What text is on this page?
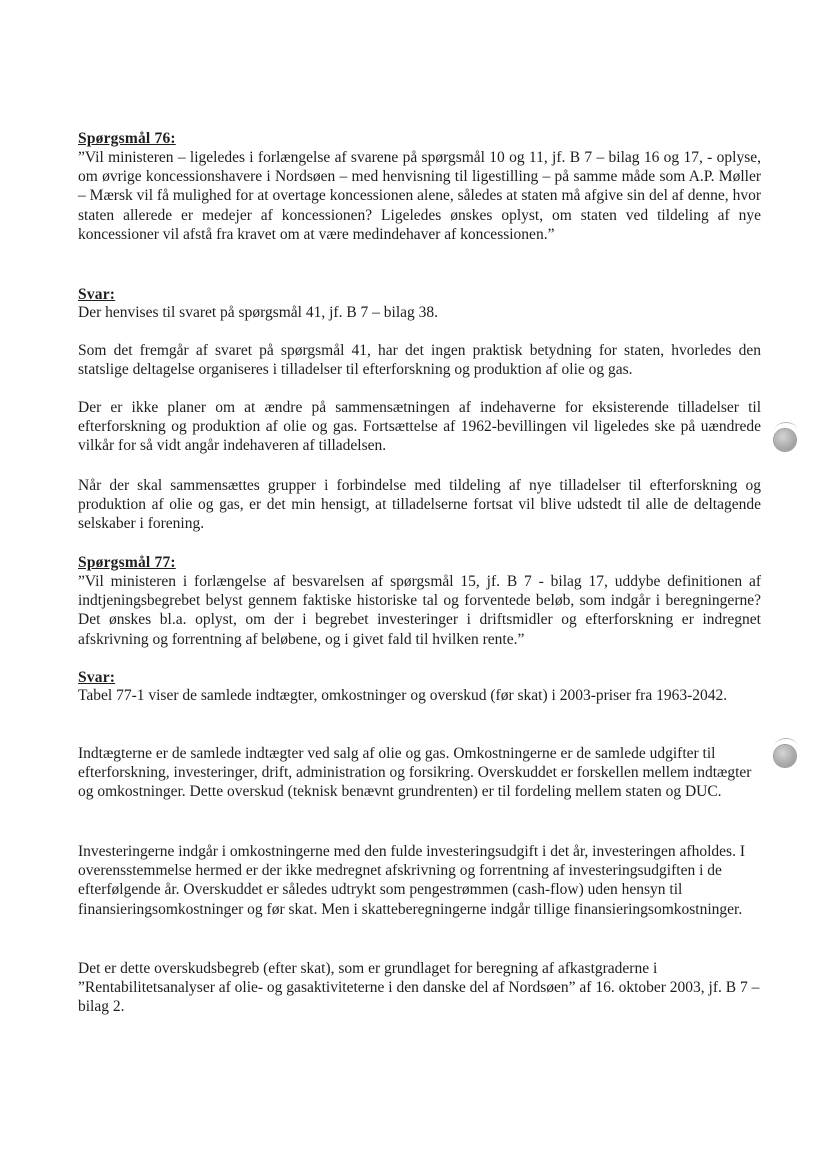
Spørgsmål 76:
”Vil ministeren – ligeledes i forlængelse af svarene på spørgsmål 10 og 11, jf. B 7 – bilag 16 og 17, - oplyse, om øvrige koncessionshavere i Nordsøen – med henvisning til ligestilling – på samme måde som A.P. Møller – Mærsk vil få mulighed for at overtage koncessionen alene, således at staten må afgive sin del af denne, hvor staten allerede er medejer af koncessionen? Ligeledes ønskes oplyst, om staten ved tildeling af nye koncessioner vil afstå fra kravet om at være medindehaver af koncessionen.”
Svar:
Der henvises til svaret på spørgsmål 41, jf. B 7 – bilag 38.
Som det fremgår af svaret på spørgsmål 41, har det ingen praktisk betydning for staten, hvorledes den statslige deltagelse organiseres i tilladelser til efterforskning og produktion af olie og gas.
Der er ikke planer om at ændre på sammensætningen af indehaverne for eksisterende tilladelser til efterforskning og produktion af olie og gas. Fortsættelse af 1962-bevillingen vil ligeledes ske på uændrede vilkår for så vidt angår indehaveren af tilladelsen.
Når der skal sammensættes grupper i forbindelse med tildeling af nye tilladelser til efterforskning og produktion af olie og gas, er det min hensigt, at tilladelserne fortsat vil blive udstedt til alle de deltagende selskaber i forening.
Spørgsmål 77:
”Vil ministeren i forlængelse af besvarelsen af spørgsmål 15, jf. B 7 - bilag 17, uddybe definitionen af indtjeningsbegrebet belyst gennem faktiske historiske tal og forventede beløb, som indgår i beregningerne? Det ønskes bl.a. oplyst, om der i begrebet investeringer i driftsmidler og efterforskning er indregnet afskrivning og forrentning af beløbene, og i givet fald til hvilken rente.”
Svar:
Tabel 77-1 viser de samlede indtægter, omkostninger og overskud (før skat) i 2003-priser fra 1963-2042.
Indtægterne er de samlede indtægter ved salg af olie og gas. Omkostningerne er de samlede udgifter til efterforskning, investeringer, drift, administration og forsikring. Overskuddet er forskellen mellem indtægter og omkostninger. Dette overskud (teknisk benævnt grundrenten) er til fordeling mellem staten og DUC.
Investeringerne indgår i omkostningerne med den fulde investeringsudgift i det år, investeringen afholdes. I overensstemmelse hermed er der ikke medregnet afskrivning og forrentning af investeringsudgiften i de efterfølgende år. Overskuddet er således udtrykt som pengestrømmen (cash-flow) uden hensyn til finansieringsomkostninger og før skat. Men i skatteberegningerne indgår tillige finansieringsomkostninger.
Det er dette overskudsbegreb (efter skat), som er grundlaget for beregning af afkastgraderne i ”Rentabilitetsanalyser af olie- og gasaktiviteterne i den danske del af Nordsøen” af 16. oktober 2003, jf. B 7 – bilag 2.
